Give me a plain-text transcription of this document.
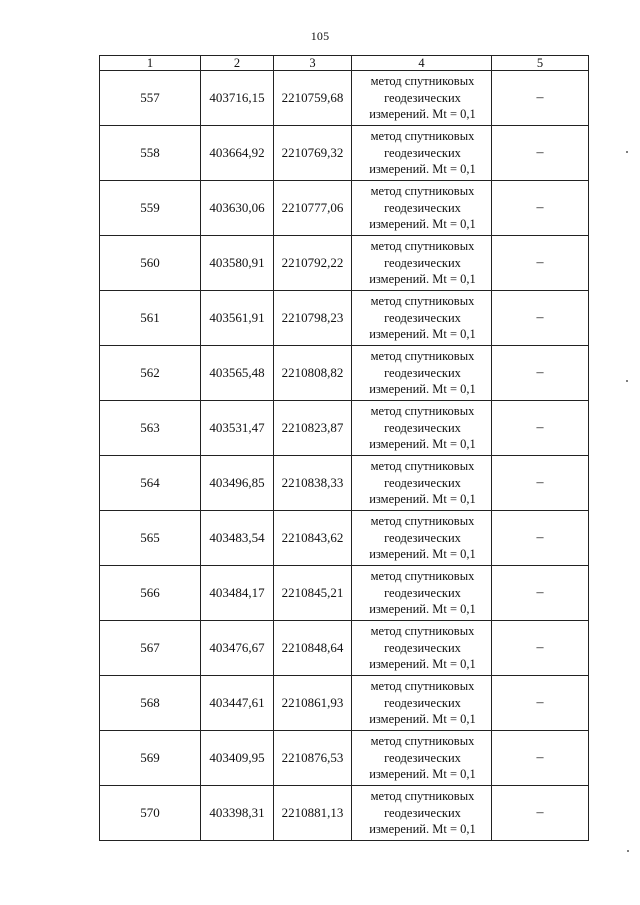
105
1	2	3	4	5
557	403716,15	2210759,68	метод спутниковых
геодезических
измерений. Mt = 0,1	–
558	403664,92	2210769,32	метод спутниковых
геодезических
измерений. Mt = 0,1	–
559	403630,06	2210777,06	метод спутниковых
геодезических
измерений. Mt = 0,1	–
560	403580,91	2210792,22	метод спутниковых
геодезических
измерений. Mt = 0,1	–
561	403561,91	2210798,23	метод спутниковых
геодезических
измерений. Mt = 0,1	–
562	403565,48	2210808,82	метод спутниковых
геодезических
измерений. Mt = 0,1	–
563	403531,47	2210823,87	метод спутниковых
геодезических
измерений. Mt = 0,1	–
564	403496,85	2210838,33	метод спутниковых
геодезических
измерений. Mt = 0,1	–
565	403483,54	2210843,62	метод спутниковых
геодезических
измерений. Mt = 0,1	–
566	403484,17	2210845,21	метод спутниковых
геодезических
измерений. Mt = 0,1	–
567	403476,67	2210848,64	метод спутниковых
геодезических
измерений. Mt = 0,1	–
568	403447,61	2210861,93	метод спутниковых
геодезических
измерений. Mt = 0,1	–
569	403409,95	2210876,53	метод спутниковых
геодезических
измерений. Mt = 0,1	–
570	403398,31	2210881,13	метод спутниковых
геодезических
измерений. Mt = 0,1	–
